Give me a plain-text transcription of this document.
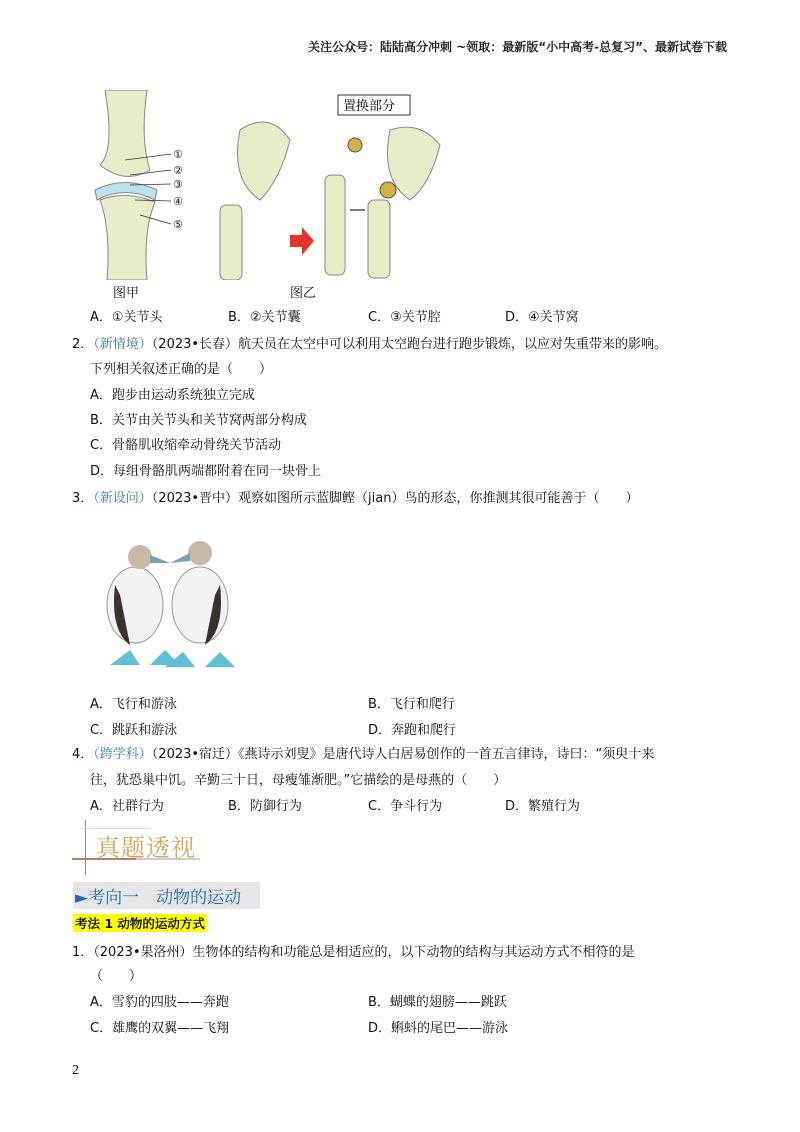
关注公众号：陆陆高分冲刺 ~领取：最新版“小中高考-总复习”、最新试卷下载
①
②
③
④
⑤
图甲
置换部分
图乙
A．①关节头	B．②关节囊	C．③关节腔	D．④关节窝
2．（新情境）（2023•长春）航天员在太空中可以利用太空跑台进行跑步锻炼，以应对失重带来的影响。
下列相关叙述正确的是（　　）
A．跑步由运动系统独立完成
B．关节由关节头和关节窝两部分构成
C．骨骼肌收缩牵动骨绕关节活动
D．每组骨骼肌两端都附着在同一块骨上
3．（新设问）（2023•晋中）观察如图所示蓝脚鲣（jian）鸟的形态，你推测其很可能善于（　　）
A．飞行和游泳	B．飞行和爬行
C．跳跃和游泳	D．奔跑和爬行
4．（跨学科）（2023•宿迁）《燕诗示刘叟》是唐代诗人白居易创作的一首五言律诗，诗曰：“须臾十来
往，犹恐巢中饥。辛勤三十日，母瘦雏渐肥。”它描绘的是母燕的（　　）
A．社群行为	B．防御行为	C．争斗行为	D．繁殖行为
真题透视
►考向一　动物的运动
考法 1 动物的运动方式
1．（2023•果洛州）生物体的结构和功能总是相适应的，以下动物的结构与其运动方式不相符的是
（　　）
A．雪豹的四肢——奔跑	B．蝴蝶的翅膀——跳跃
C．雄鹰的双翼——飞翔	D．蝌蚪的尾巴——游泳
2
